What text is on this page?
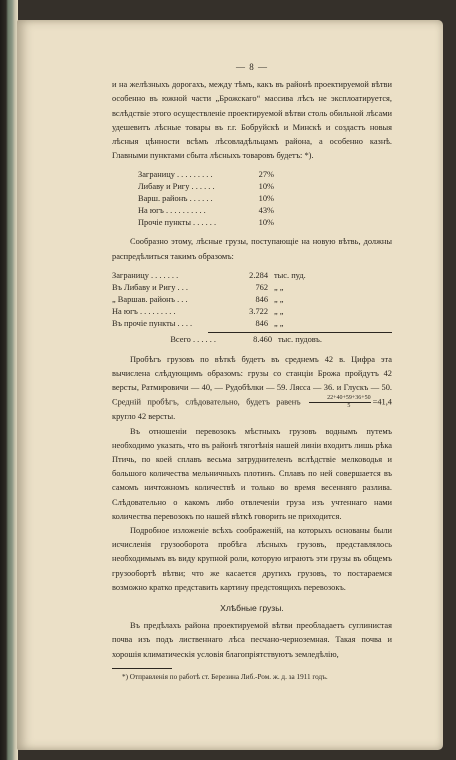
— 8 —

и на желѣзныхъ дорогахъ, между тѣмъ, какъ въ районѣ проектируемой вѣтви особенно въ южной части „Брожскаго“ массива лѣсъ не эксплоатируется, вслѣдствіе этого осуществленіе проектируемой вѣтви столь обильной лѣсами удешевитъ лѣсные товары въ г.г. Бобруйскѣ и Минскѣ и создастъ новыя лѣсныя цѣнности всѣмъ лѣсовладѣльцамъ района, а особенно казнѣ. Главными пунктами сбыта лѣсныхъ товаровъ будетъ: *).

Заграницу . . . . . . . . .	27%
Либаву и Ригу . . . . . .	10%
Варш. районъ . . . . . .	10%
На югъ . . . . . . . . . .	43%
Прочіе пункты . . . . . .	10%

Сообразно этому, лѣсные грузы, поступающіе на новую вѣтвь, должны распредѣлиться такимъ образомъ:

Заграницу . . . . . . .	2.284	тыс. пуд.
Въ Либаву и Ригу . . .	762	„ „
„ Варшав. районъ . . .	846	„ „
На югъ . . . . . . . . .	3.722	„ „
Въ прочіе пункты . . . .	846	„ „
Всего . . . . . .	8.460	тыс. пудовъ.

Пробѣгъ грузовъ по вѣткѣ будетъ въ среднемъ 42 в. Цифра эта вычислена слѣдующимъ образомъ: грузы со станціи Брожа пройдутъ 42 версты, Ратмировичи — 40, — Рудобѣлки — 59. Лясса — 36. и Глускъ — 50. Средній пробѣгъ, слѣдовательно, будетъ равенъ $\frac{22+40+59+36+50}{5} =41,4$ кругло 42 версты.

Въ отношеніи перевозокъ мѣстныхъ грузовъ воднымъ путемъ необходимо указать, что въ районѣ тяготѣнія нашей линіи входитъ лишь рѣка Птичь, по коей сплавъ весьма затруднителенъ вслѣдствіе мелководья и большого количества мельничныхъ плотинъ. Сплавъ по ней совершается въ самомъ ничтожномъ количествѣ и только во время весенняго разлива. Слѣдовательно о какомъ либо отвлеченіи груза изъ учтеннаго нами количества перевозокъ по нашей вѣткѣ говорить не приходится.

Подробное изложеніе всѣхъ соображеній, на которыхъ основаны были исчисленія грузооборота пробѣга лѣсныхъ грузовъ, представлялось необходимымъ въ виду крупной роли, которую играютъ эти грузы въ общемъ грузообортѣ вѣтви; что же касается другихъ грузовъ, то постараемся возможно кратко представить картину предстоящихъ перевозокъ.

Хлѣбные грузы.

Въ предѣлахъ района проектируемой вѣтви преобладаетъ суглинистая почва изъ подъ лиственнаго лѣса песчано-черноземная. Такая почва и хорошія климатическія условія благопріятствуютъ земледѣлію,

*) Отправленія по работѣ ст. Березина Либ.-Ром. ж. д. за 1911 годъ.
